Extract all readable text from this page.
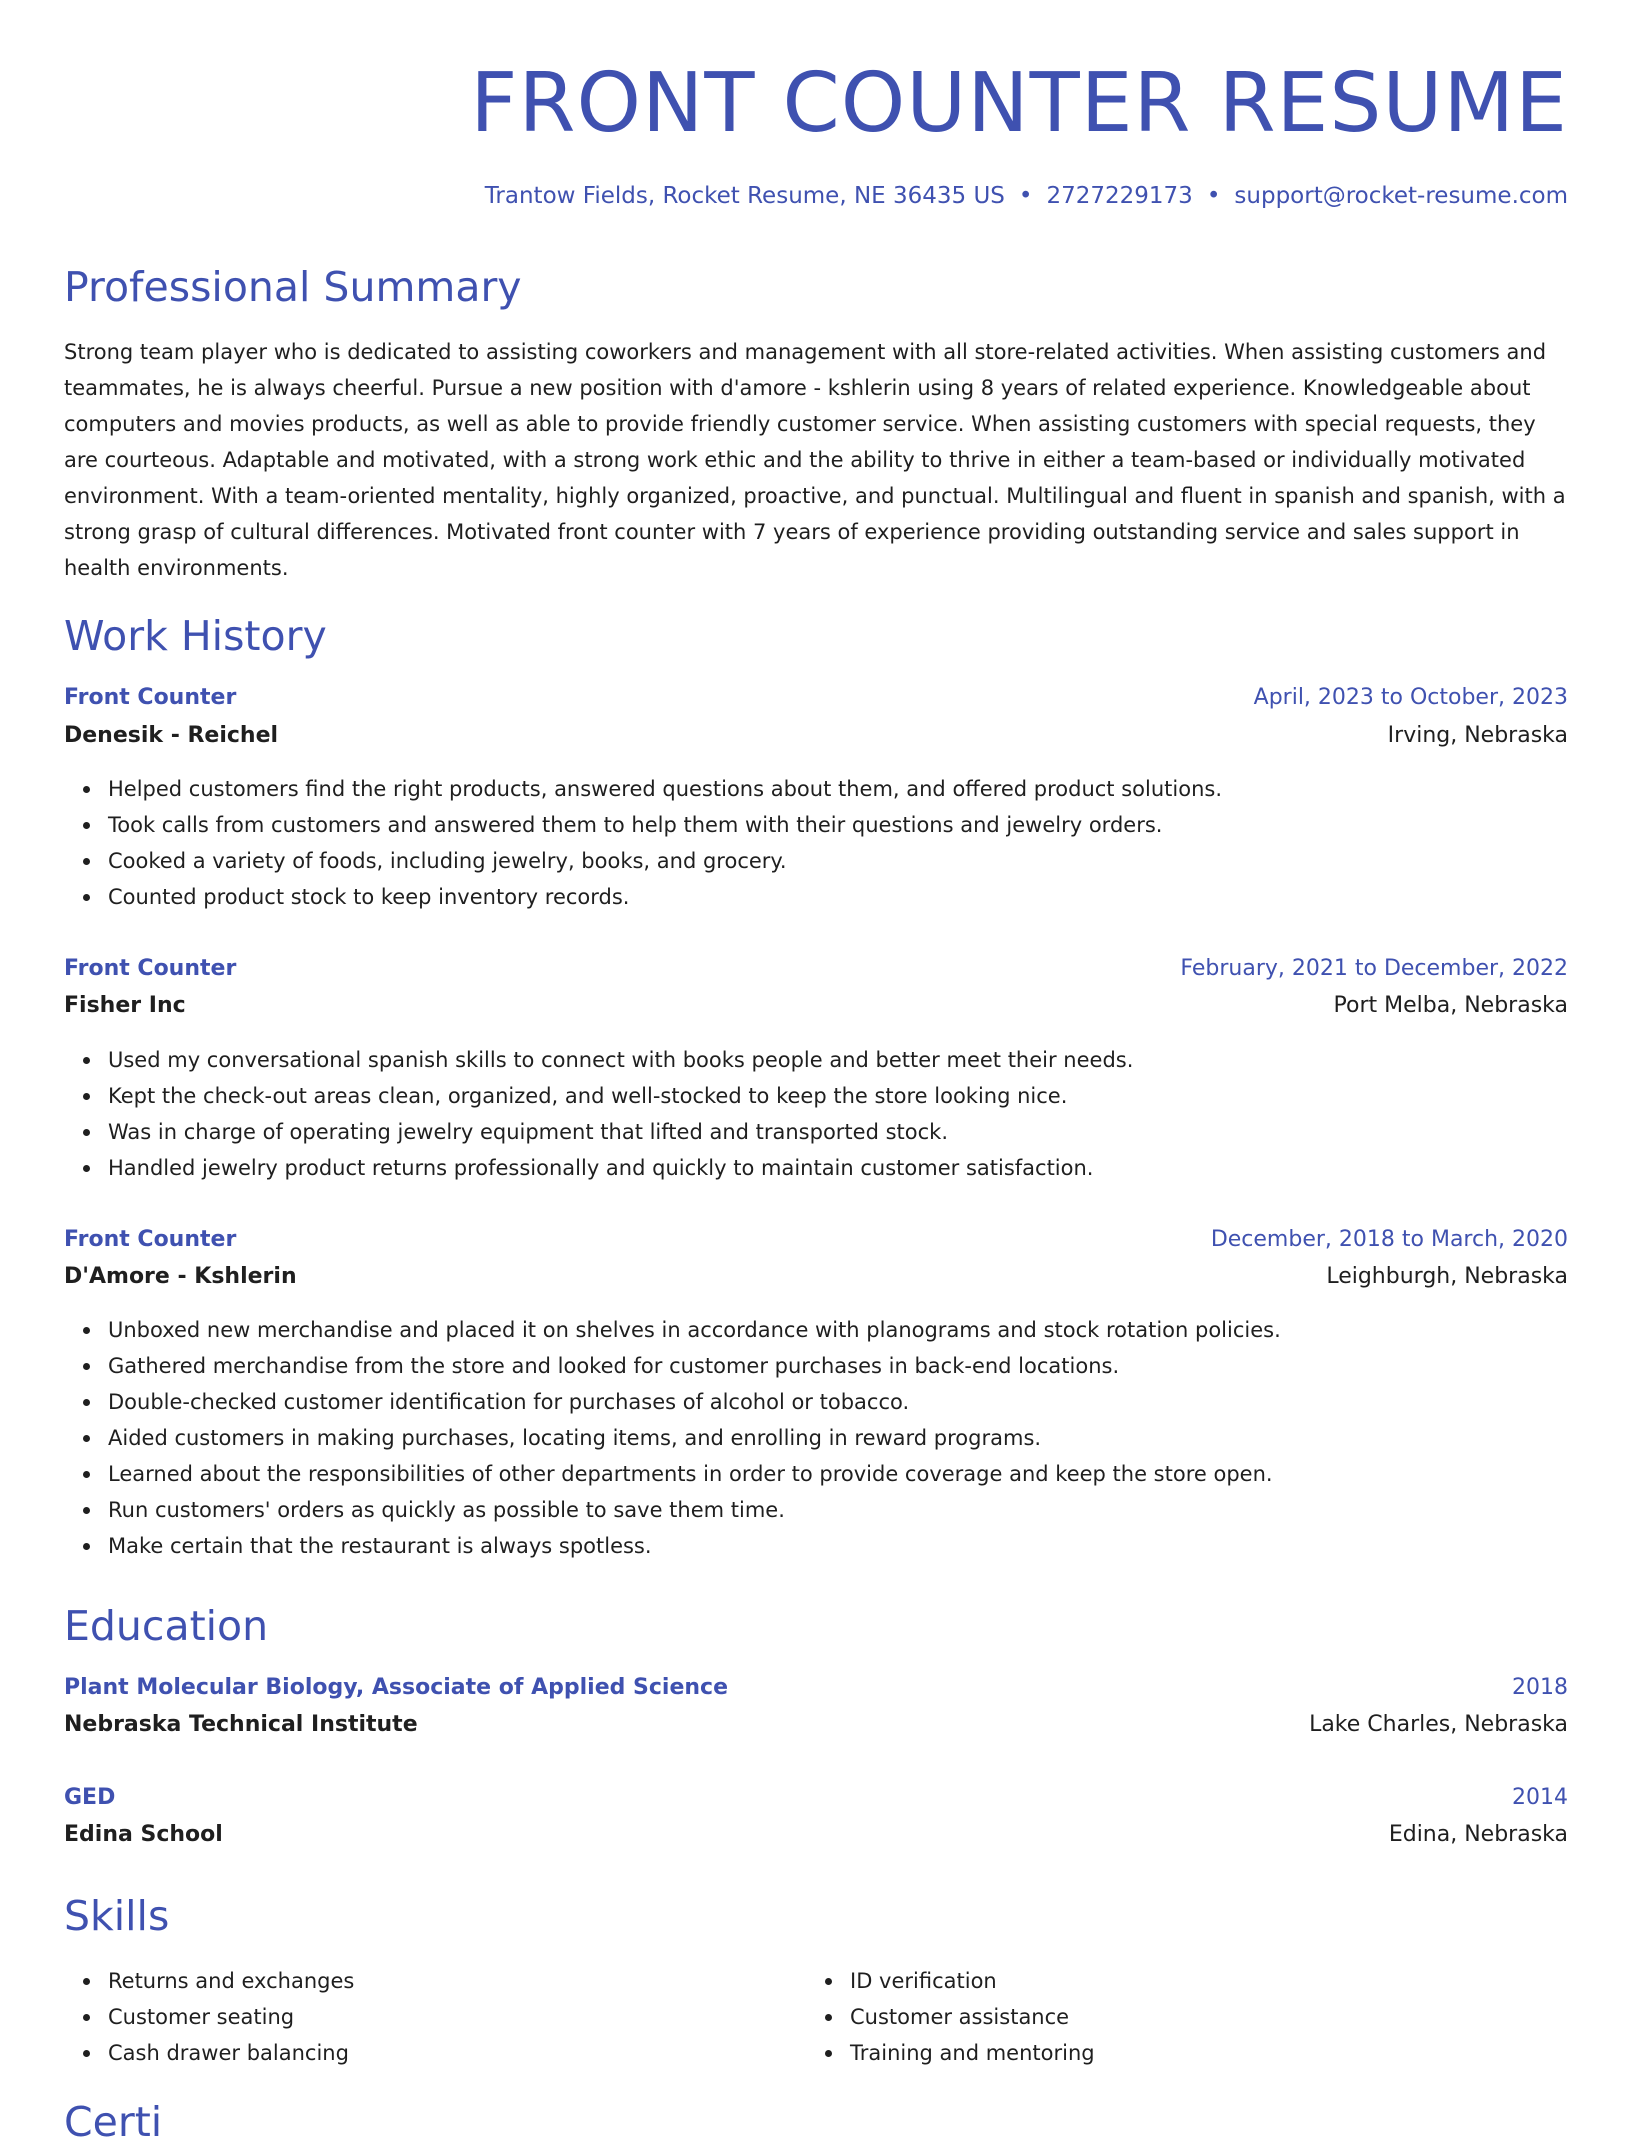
FRONT COUNTER RESUME
Trantow Fields, Rocket Resume, NE 36435 US • 2727229173 • support@rocket-resume.com
Professional Summary
Strong team player who is dedicated to assisting coworkers and management with all store-related activities. When assisting customers and teammates, he is always cheerful. Pursue a new position with d'amore - kshlerin using 8 years of related experience. Knowledgeable about computers and movies products, as well as able to provide friendly customer service. When assisting customers with special requests, they are courteous. Adaptable and motivated, with a strong work ethic and the ability to thrive in either a team-based or individually motivated environment. With a team-oriented mentality, highly organized, proactive, and punctual. Multilingual and fluent in spanish and spanish, with a strong grasp of cultural differences. Motivated front counter with 7 years of experience providing outstanding service and sales support in health environments.
Work History
Front Counter	April, 2023 to October, 2023
Denesik - Reichel	Irving, Nebraska
Helped customers find the right products, answered questions about them, and offered product solutions.
Took calls from customers and answered them to help them with their questions and jewelry orders.
Cooked a variety of foods, including jewelry, books, and grocery.
Counted product stock to keep inventory records.
Front Counter	February, 2021 to December, 2022
Fisher Inc	Port Melba, Nebraska
Used my conversational spanish skills to connect with books people and better meet their needs.
Kept the check-out areas clean, organized, and well-stocked to keep the store looking nice.
Was in charge of operating jewelry equipment that lifted and transported stock.
Handled jewelry product returns professionally and quickly to maintain customer satisfaction.
Front Counter	December, 2018 to March, 2020
D'Amore - Kshlerin	Leighburgh, Nebraska
Unboxed new merchandise and placed it on shelves in accordance with planograms and stock rotation policies.
Gathered merchandise from the store and looked for customer purchases in back-end locations.
Double-checked customer identification for purchases of alcohol or tobacco.
Aided customers in making purchases, locating items, and enrolling in reward programs.
Learned about the responsibilities of other departments in order to provide coverage and keep the store open.
Run customers' orders as quickly as possible to save them time.
Make certain that the restaurant is always spotless.
Education
Plant Molecular Biology, Associate of Applied Science	2018
Nebraska Technical Institute	Lake Charles, Nebraska
GED	2014
Edina School	Edina, Nebraska
Skills
Returns and exchanges
Customer seating
Cash drawer balancing
ID verification
Customer assistance
Training and mentoring
Certi
